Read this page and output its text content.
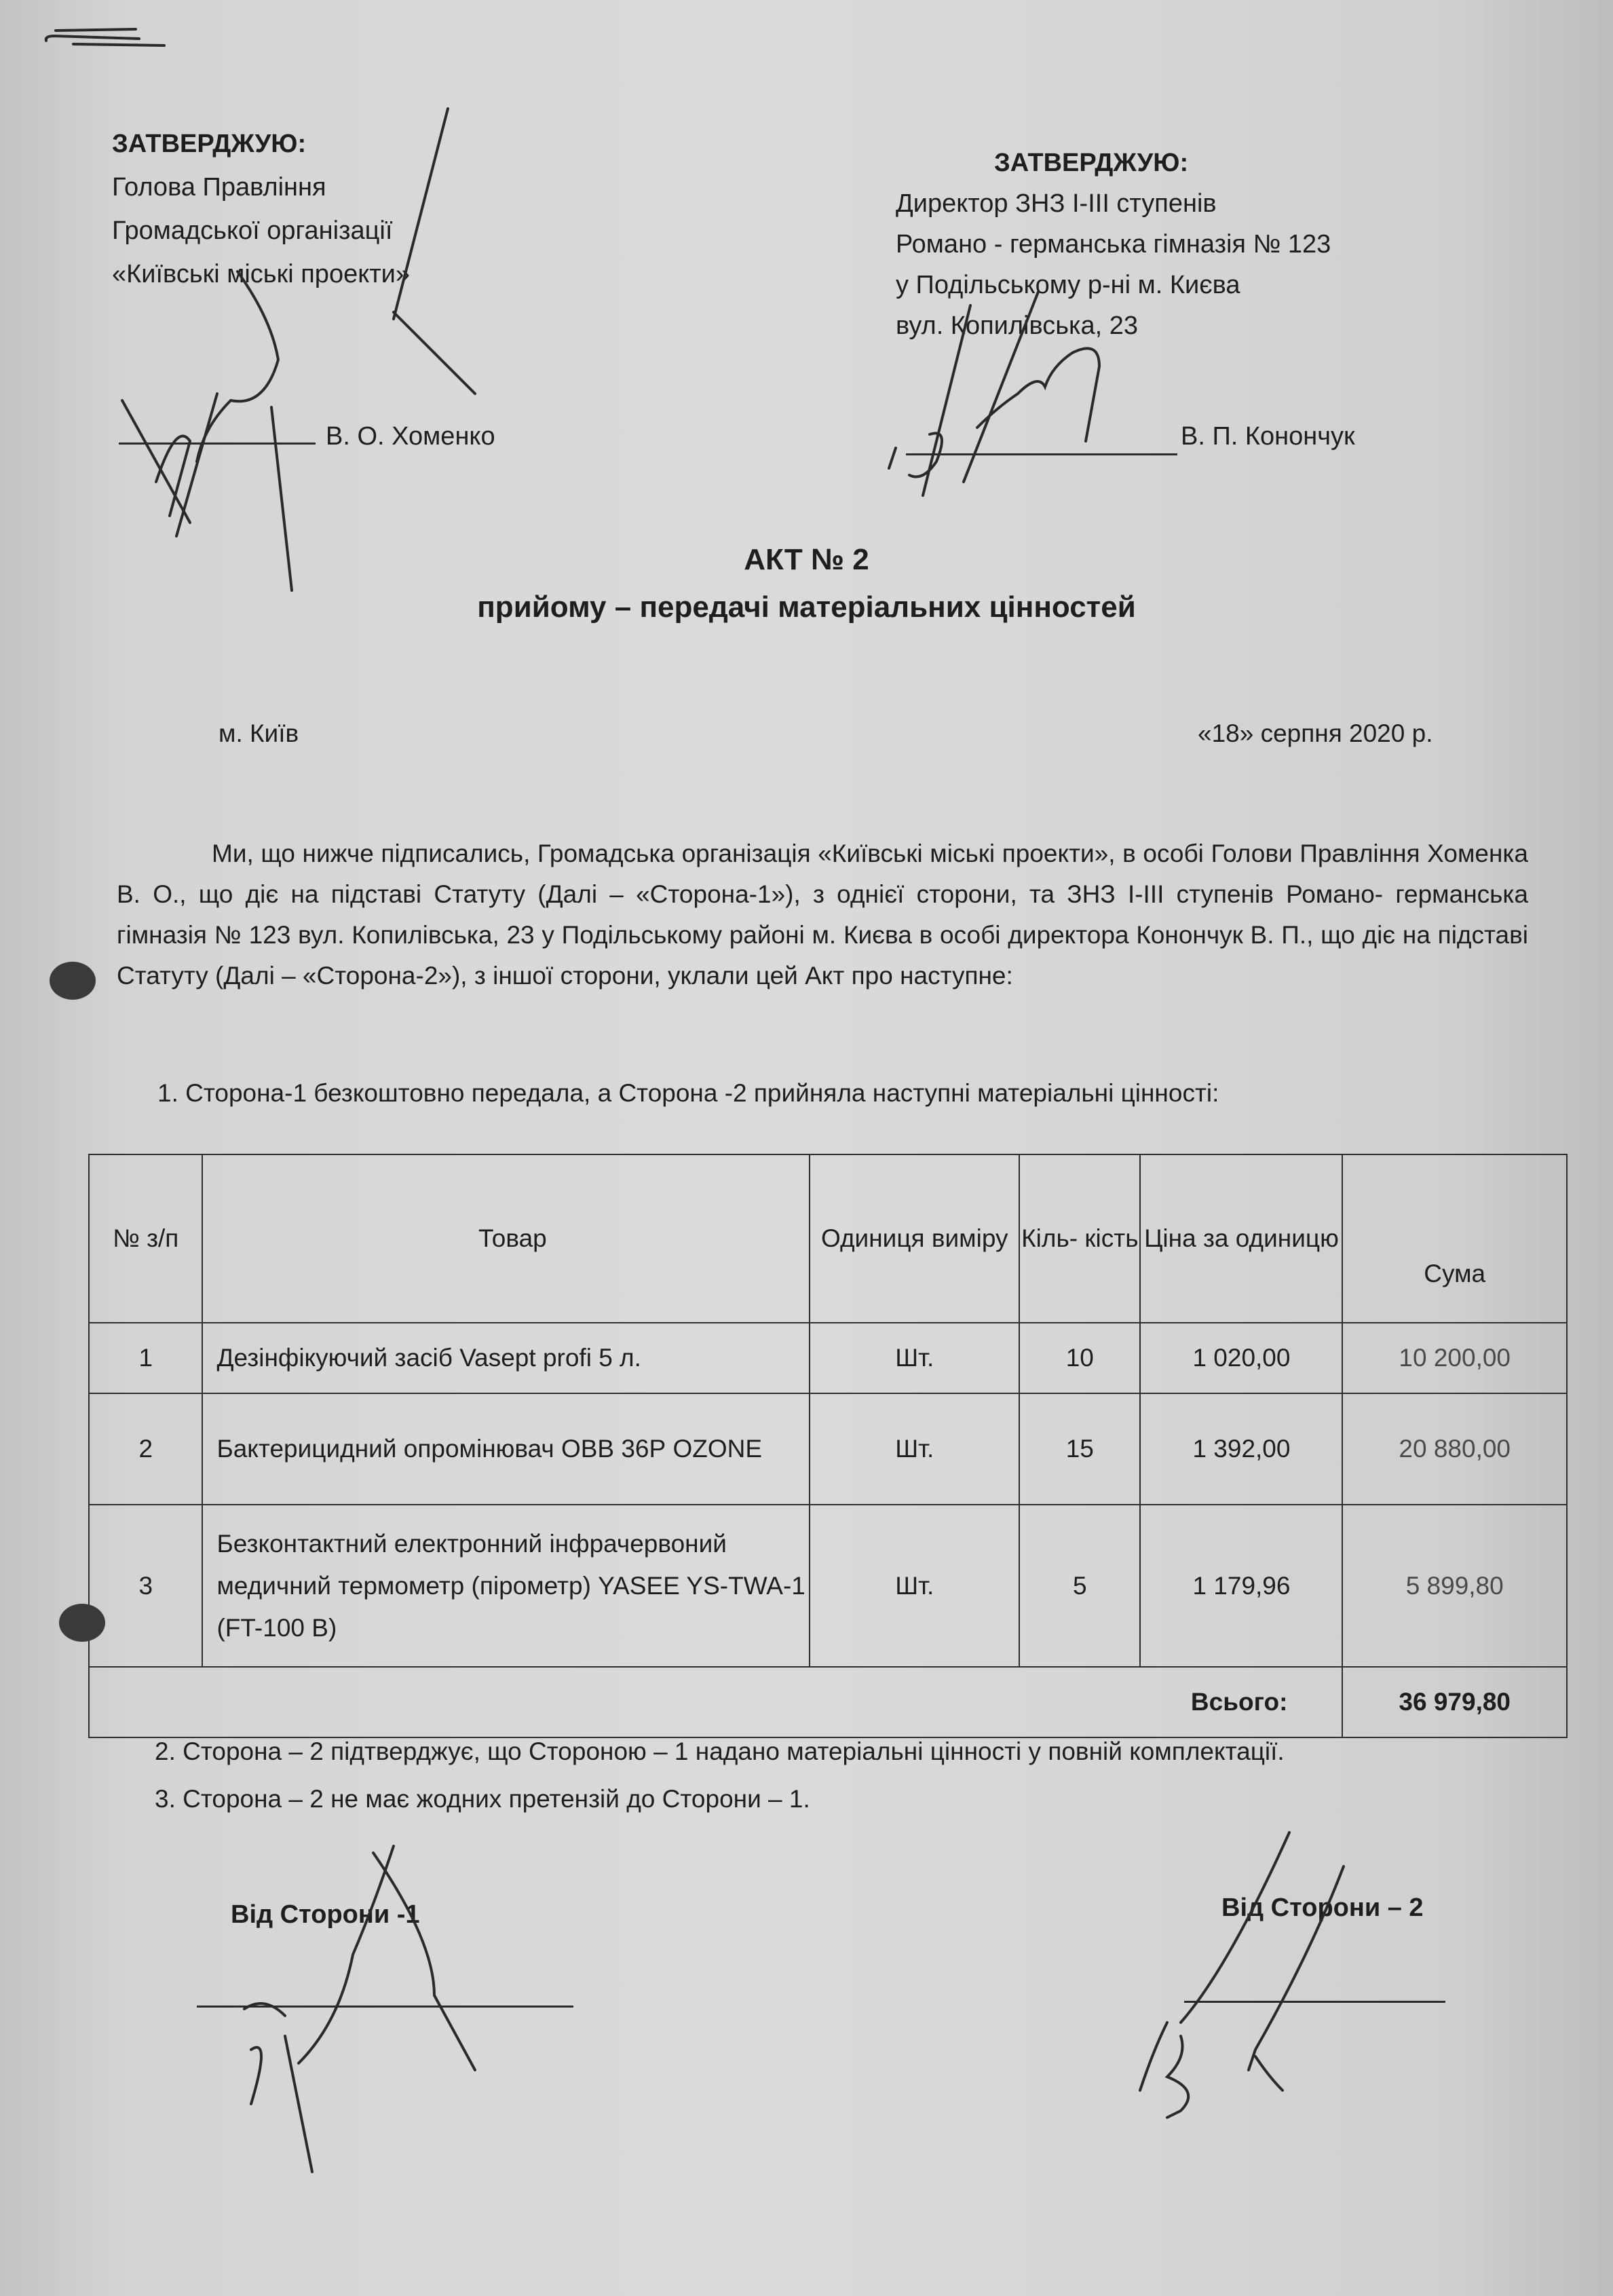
ЗАТВЕРДЖУЮ:
Голова Правління
Громадської організації
«Київські міські проекти»
ЗАТВЕРДЖУЮ:
Директор ЗНЗ І-ІІІ ступенів
Романо - германська гімназія № 123
у Подільському р-ні м. Києва
вул. Копилівська, 23
В. О. Хоменко	В. П. Конончук
АКТ № 2
прийому – передачі матеріальних цінностей
м. Київ	«18» серпня 2020 р.
Ми, що нижче підписались, Громадська організація «Київські міські проекти», в особі Голови Правління Хоменка В. О., що діє на підставі Статуту (Далі – «Сторона-1»), з однієї сторони, та ЗНЗ І-ІІІ ступенів Романо- германська гімназія № 123 вул. Копилівська, 23 у Подільському районі м. Києва в особі директора Конончук В. П., що діє на підставі Статуту (Далі – «Сторона-2»), з іншої сторони, уклали цей Акт про наступне:
1. Сторона-1 безкоштовно передала, а Сторона -2 прийняла наступні матеріальні цінності:
№ з/п	Товар	Одиниця виміру	Кіль- кість	Ціна за одиницю	Сума
1	Дезінфікуючий засіб Vasept profi 5 л.	Шт.	10	1 020,00	10 200,00
2	Бактерицидний опромінювач ОВВ 36Р OZONE	Шт.	15	1 392,00	20 880,00
3	Безконтактний електронний інфрачервоний медичний термометр (пірометр) YASEE YS-TWA-1 (FT-100 B)	Шт.	5	1 179,96	5 899,80
Всього:					36 979,80
2. Сторона – 2 підтверджує, що Стороною – 1 надано матеріальні цінності у повній комплектації.
3. Сторона – 2 не має жодних претензій до Сторони – 1.
Від Сторони -1	Від Сторони – 2
